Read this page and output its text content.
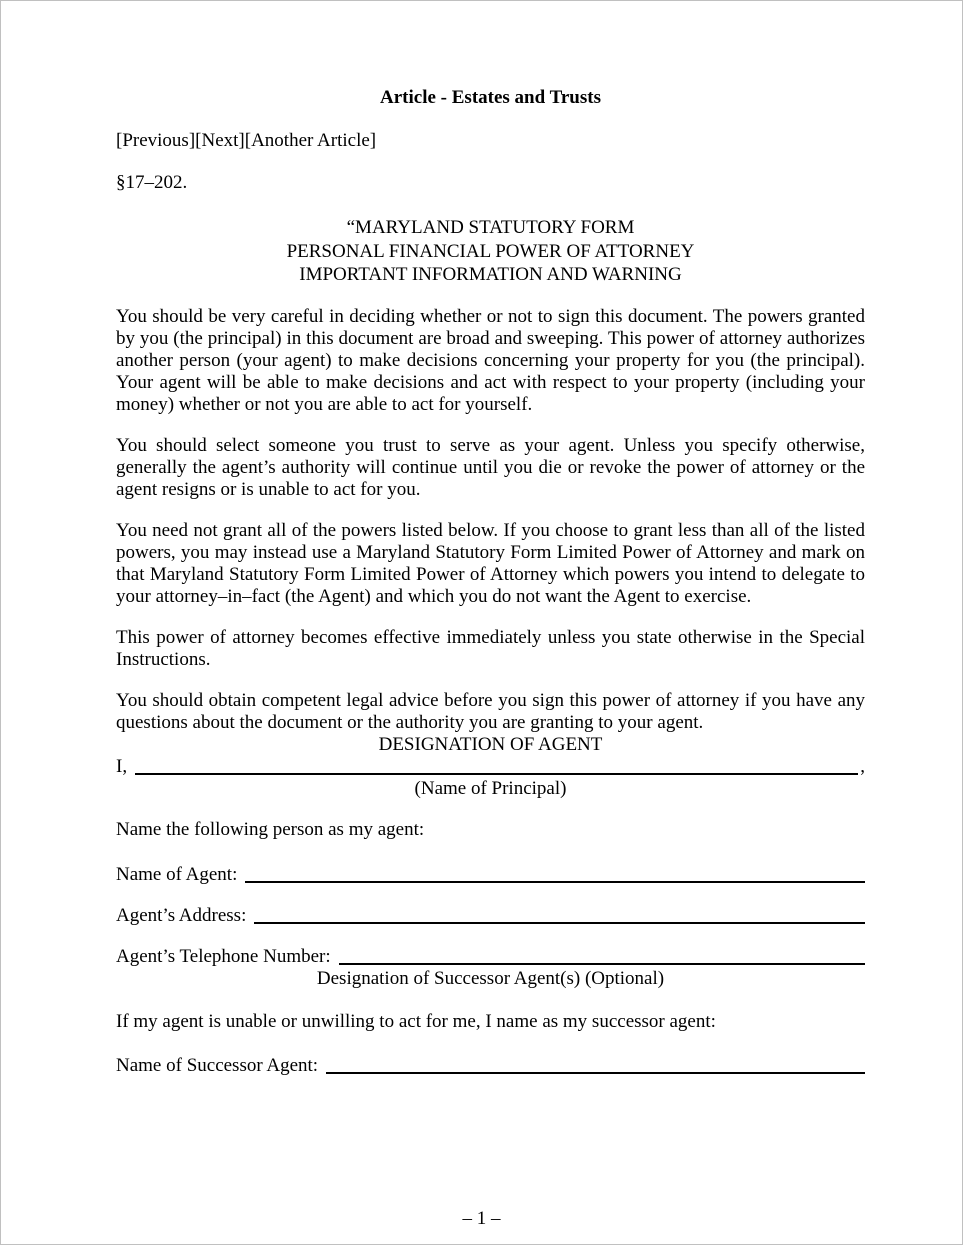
Article - Estates and Trusts
[Previous][Next][Another Article]
§17–202.
“MARYLAND STATUTORY FORM
PERSONAL FINANCIAL POWER OF ATTORNEY
IMPORTANT INFORMATION AND WARNING

You should be very careful in deciding whether or not to sign this document. The powers granted by you (the principal) in this document are broad and sweeping. This power of attorney authorizes another person (your agent) to make decisions concerning your property for you (the principal). Your agent will be able to make decisions and act with respect to your property (including your money) whether or not you are able to act for yourself.

You should select someone you trust to serve as your agent. Unless you specify otherwise, generally the agent’s authority will continue until you die or revoke the power of attorney or the agent resigns or is unable to act for you.

You need not grant all of the powers listed below. If you choose to grant less than all of the listed powers, you may instead use a Maryland Statutory Form Limited Power of Attorney and mark on that Maryland Statutory Form Limited Power of Attorney which powers you intend to delegate to your attorney–in–fact (the Agent) and which you do not want the Agent to exercise.

This power of attorney becomes effective immediately unless you state otherwise in the Special Instructions.

You should obtain competent legal advice before you sign this power of attorney if you have any questions about the document or the authority you are granting to your agent.

DESIGNATION OF AGENT
I,	,
(Name of Principal)
Name the following person as my agent:
Name of Agent:
Agent’s Address:
Agent’s Telephone Number:
Designation of Successor Agent(s) (Optional)
If my agent is unable or unwilling to act for me, I name as my successor agent:
Name of Successor Agent:
– 1 –
